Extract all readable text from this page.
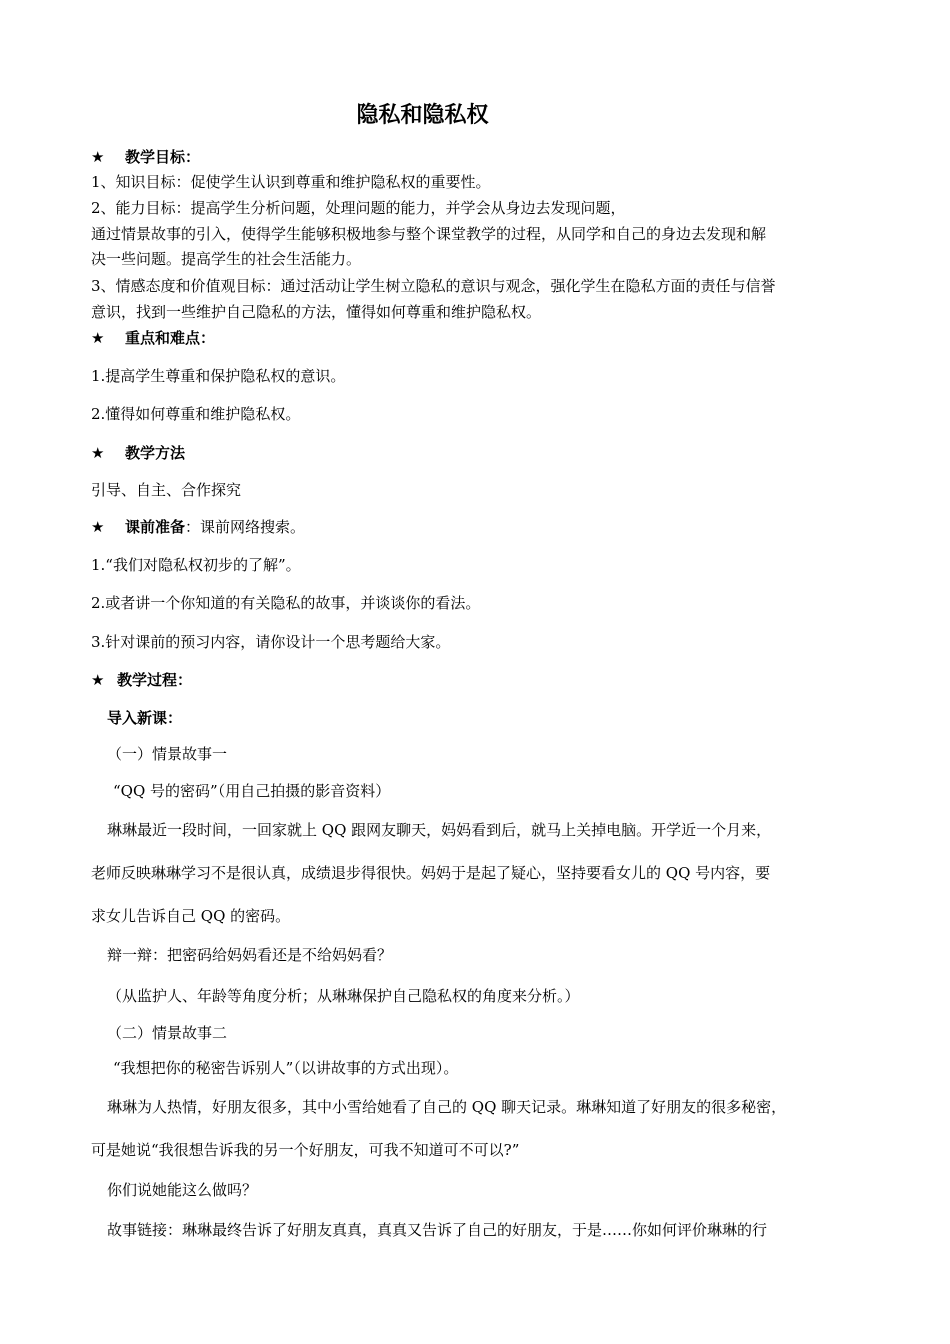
隐私和隐私权
★ 教学目标：
1、知识目标：促使学生认识到尊重和维护隐私权的重要性。
2、能力目标：提高学生分析问题，处理问题的能力，并学会从身边去发现问题，
通过情景故事的引入，使得学生能够积极地参与整个课堂教学的过程，从同学和自己的身边去发现和解
决一些问题。提高学生的社会生活能力。
3、情感态度和价值观目标：通过活动让学生树立隐私的意识与观念，强化学生在隐私方面的责任与信誉
意识，找到一些维护自己隐私的方法，懂得如何尊重和维护隐私权。
★ 重点和难点：
1.提高学生尊重和保护隐私权的意识。
2.懂得如何尊重和维护隐私权。
★ 教学方法
引导、自主、合作探究
★ 课前准备：课前网络搜索。
1.“我们对隐私权初步的了解”。
2.或者讲一个你知道的有关隐私的故事，并谈谈你的看法。
3.针对课前的预习内容，请你设计一个思考题给大家。
★ 教学过程：
导入新课：
（一）情景故事一
“QQ 号的密码”（用自己拍摄的影音资料）
琳琳最近一段时间，一回家就上 QQ 跟网友聊天，妈妈看到后，就马上关掉电脑。开学近一个月来，
老师反映琳琳学习不是很认真，成绩退步得很快。妈妈于是起了疑心，坚持要看女儿的 QQ 号内容，要
求女儿告诉自己 QQ 的密码。
辩一辩：把密码给妈妈看还是不给妈妈看？
（从监护人、年龄等角度分析；从琳琳保护自己隐私权的角度来分析。）
（二）情景故事二
“我想把你的秘密告诉别人”（以讲故事的方式出现）。
琳琳为人热情，好朋友很多，其中小雪给她看了自己的 QQ 聊天记录。琳琳知道了好朋友的很多秘密，
可是她说“我很想告诉我的另一个好朋友，可我不知道可不可以?”
你们说她能这么做吗？
故事链接：琳琳最终告诉了好朋友真真，真真又告诉了自己的好朋友，于是……你如何评价琳琳的行
